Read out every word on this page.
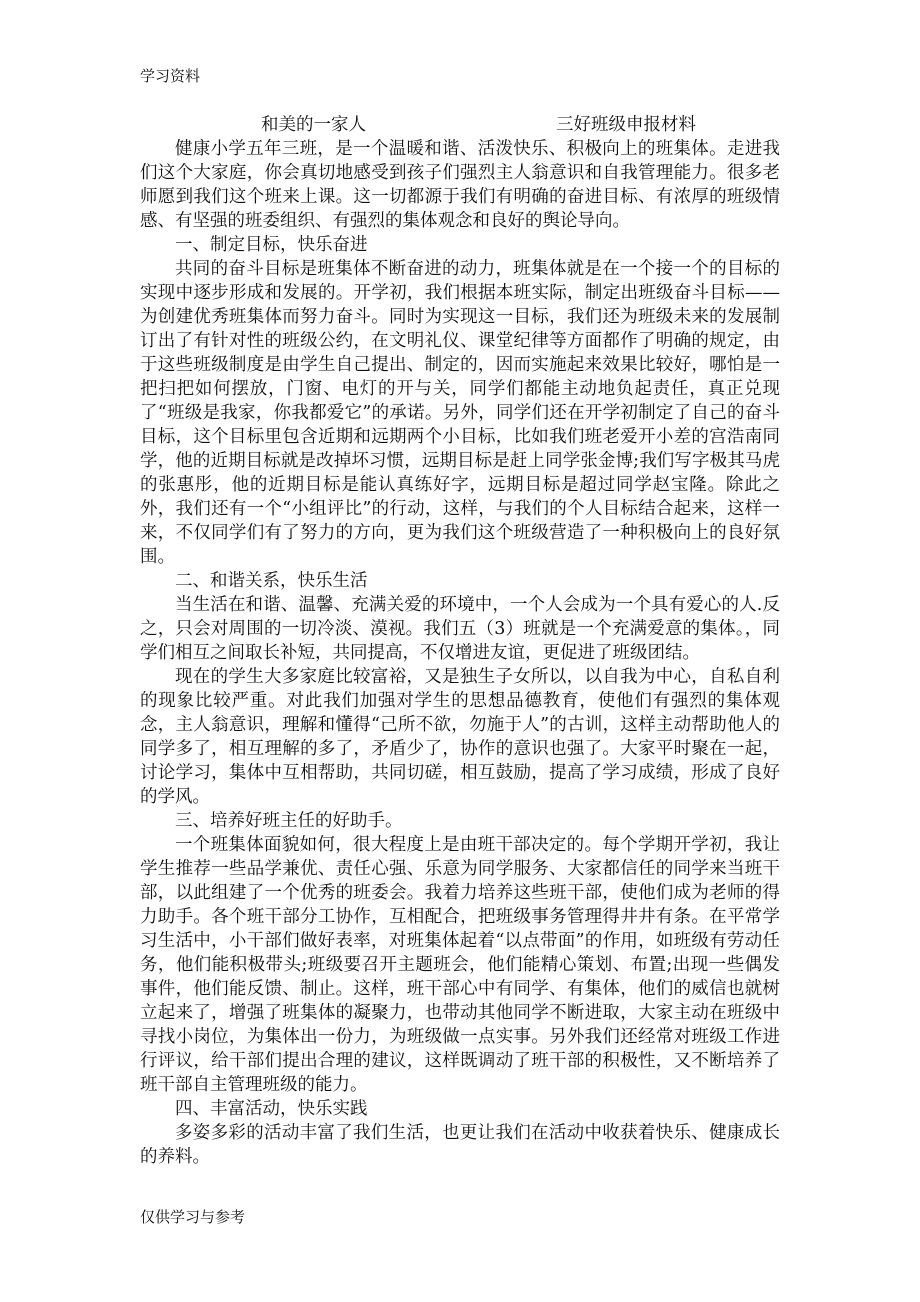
学习资料
和美的一家人	三好班级申报材料

健康小学五年三班，是一个温暖和谐、活泼快乐、积极向上的班集体。走进我们这个大家庭，你会真切地感受到孩子们强烈主人翁意识和自我管理能力。很多老师愿到我们这个班来上课。这一切都源于我们有明确的奋进目标、有浓厚的班级情感、有坚强的班委组织、有强烈的集体观念和良好的舆论导向。

一、制定目标，快乐奋进

共同的奋斗目标是班集体不断奋进的动力，班集体就是在一个接一个的目标的实现中逐步形成和发展的。开学初，我们根据本班实际，制定出班级奋斗目标——为创建优秀班集体而努力奋斗。同时为实现这一目标，我们还为班级未来的发展制订出了有针对性的班级公约，在文明礼仪、课堂纪律等方面都作了明确的规定，由于这些班级制度是由学生自己提出、制定的，因而实施起来效果比较好，哪怕是一把扫把如何摆放，门窗、电灯的开与关，同学们都能主动地负起责任，真正兑现了“班级是我家，你我都爱它”的承诺。另外，同学们还在开学初制定了自己的奋斗目标，这个目标里包含近期和远期两个小目标，比如我们班老爱开小差的宫浩南同学，他的近期目标就是改掉坏习惯，远期目标是赶上同学张金博;我们写字极其马虎的张惠彤，他的近期目标是能认真练好字，远期目标是超过同学赵宝隆。除此之外，我们还有一个“小组评比”的行动，这样，与我们的个人目标结合起来，这样一来，不仅同学们有了努力的方向，更为我们这个班级营造了一种积极向上的良好氛围。

二、和谐关系，快乐生活

当生活在和谐、温馨、充满关爱的环境中，一个人会成为一个具有爱心的人.反之，只会对周围的一切冷淡、漠视。我们五（3）班就是一个充满爱意的集体。，同学们相互之间取长补短，共同提高，不仅增进友谊，更促进了班级团结。

现在的学生大多家庭比较富裕，又是独生子女所以，以自我为中心，自私自利的现象比较严重。对此我们加强对学生的思想品德教育，使他们有强烈的集体观念，主人翁意识，理解和懂得“己所不欲，勿施于人”的古训，这样主动帮助他人的同学多了，相互理解的多了，矛盾少了，协作的意识也强了。大家平时聚在一起，讨论学习，集体中互相帮助，共同切磋，相互鼓励，提高了学习成绩，形成了良好的学风。

三、培养好班主任的好助手。

一个班集体面貌如何，很大程度上是由班干部决定的。每个学期开学初，我让学生推荐一些品学兼优、责任心强、乐意为同学服务、大家都信任的同学来当班干部，以此组建了一个优秀的班委会。我着力培养这些班干部，使他们成为老师的得力助手。各个班干部分工协作，互相配合，把班级事务管理得井井有条。在平常学习生活中，小干部们做好表率，对班集体起着“以点带面”的作用，如班级有劳动任务，他们能积极带头;班级要召开主题班会，他们能精心策划、布置;出现一些偶发事件，他们能反馈、制止。这样，班干部心中有同学、有集体，他们的威信也就树立起来了，增强了班集体的凝聚力，也带动其他同学不断进取，大家主动在班级中寻找小岗位，为集体出一份力，为班级做一点实事。另外我们还经常对班级工作进行评议，给干部们提出合理的建议，这样既调动了班干部的积极性，又不断培养了班干部自主管理班级的能力。

四、丰富活动，快乐实践

多姿多彩的活动丰富了我们生活，也更让我们在活动中收获着快乐、健康成长的养料。

仅供学习与参考
